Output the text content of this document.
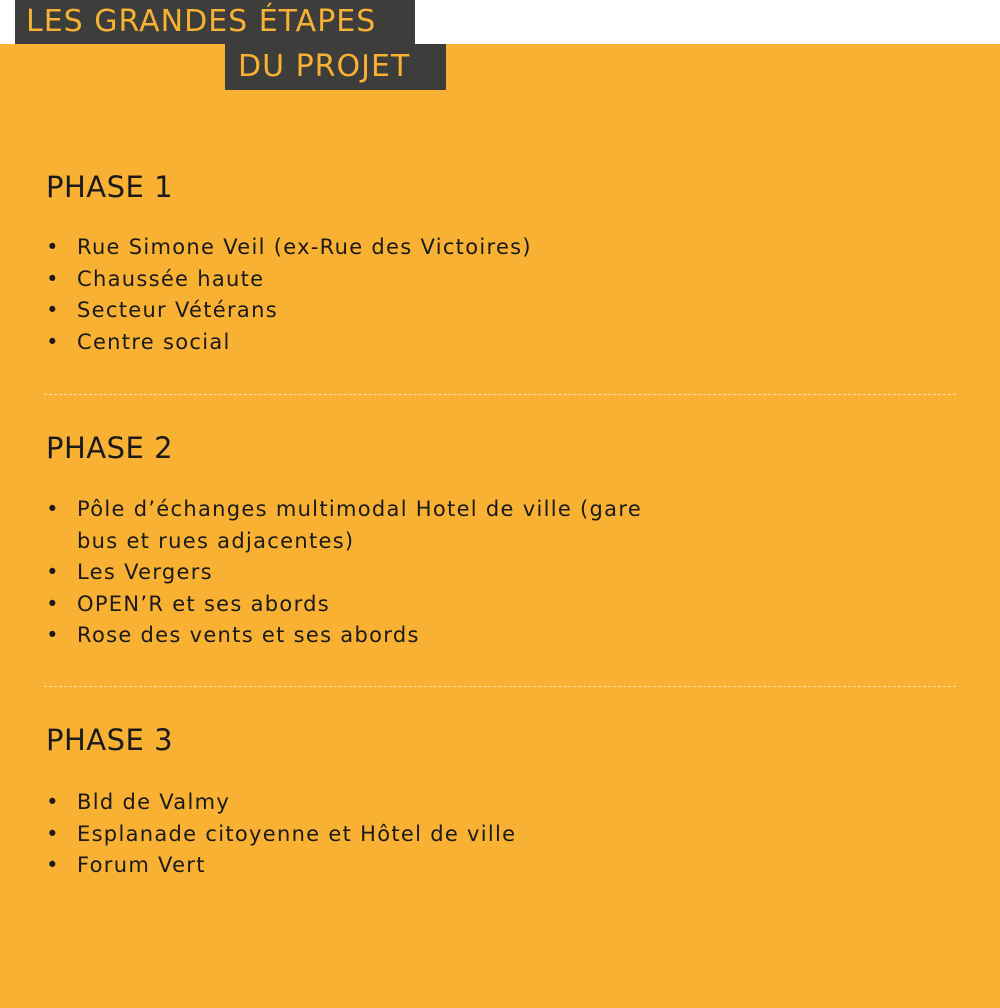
LES GRANDES ÉTAPES
DU PROJET
PHASE 1
• Rue Simone Veil (ex-Rue des Victoires)
• Chaussée haute
• Secteur Vétérans
• Centre social
PHASE 2
• Pôle d’échanges multimodal Hotel de ville (gare bus et rues adjacentes)
• Les Vergers
• OPEN’R et ses abords
• Rose des vents et ses abords
PHASE 3
• Bld de Valmy
• Esplanade citoyenne et Hôtel de ville
• Forum Vert
